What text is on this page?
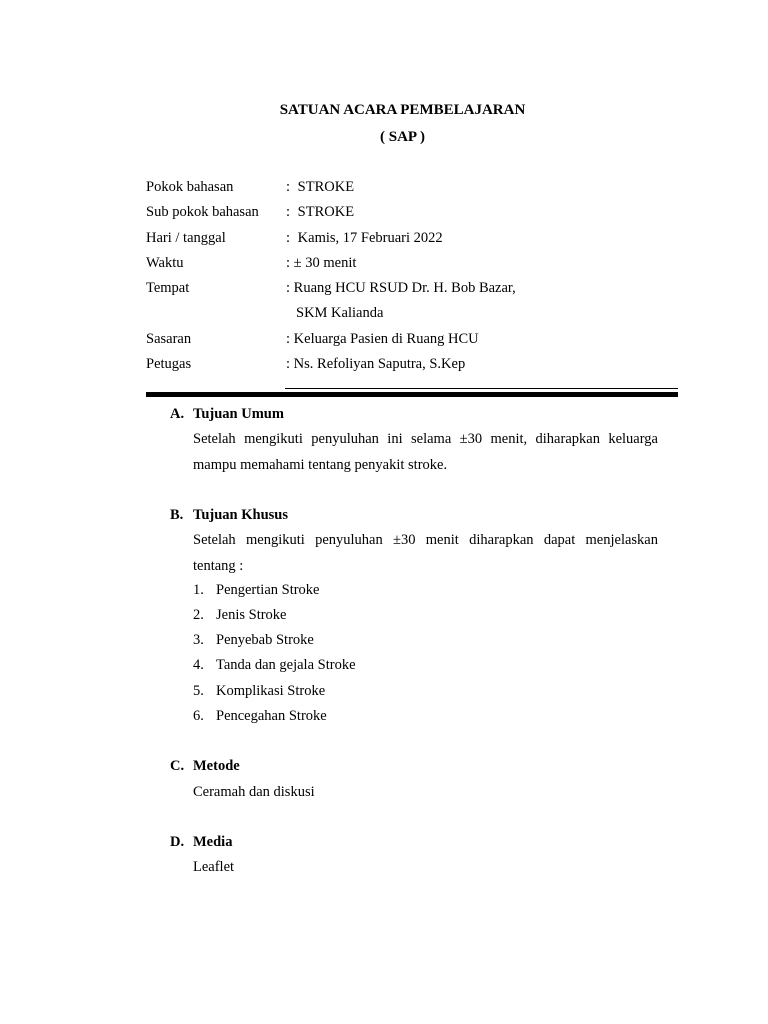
SATUAN ACARA PEMBELAJARAN
( SAP )
Pokok bahasan	: STROKE
Sub pokok bahasan : STROKE
Hari / tanggal	: Kamis, 17 Februari 2022
Waktu	: ± 30 menit
Tempat	: Ruang HCU RSUD Dr. H. Bob Bazar,
SKM Kalianda
Sasaran	: Keluarga Pasien di Ruang HCU
Petugas	: Ns. Refoliyan Saputra, S.Kep
A. Tujuan Umum
Setelah mengikuti penyuluhan ini selama ±30 menit, diharapkan keluarga
mampu memahami tentang penyakit stroke.
B. Tujuan Khusus
Setelah mengikuti penyuluhan ±30 menit diharapkan dapat menjelaskan
tentang :
1. Pengertian Stroke
2. Jenis Stroke
3. Penyebab Stroke
4. Tanda dan gejala Stroke
5. Komplikasi Stroke
6. Pencegahan Stroke
C. Metode
Ceramah dan diskusi
D. Media
Leaflet
